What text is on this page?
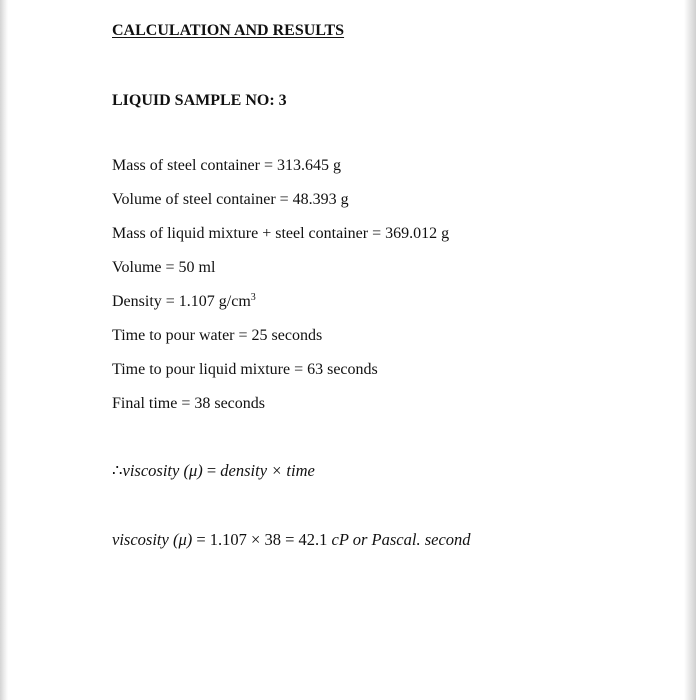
CALCULATION AND RESULTS
LIQUID SAMPLE NO: 3
Mass of steel container = 313.645 g
Volume of steel container = 48.393 g
Mass of liquid mixture + steel container = 369.012 g
Volume = 50 ml
Density = 1.107 $g/cm^3$
Time to pour water = 25 seconds
Time to pour liquid mixture = 63 seconds
Final time = 38 seconds
∴viscosity (μ) = density × time
viscosity (μ) = 1.107 × 38 = 42.1 cP or Pascal. second
